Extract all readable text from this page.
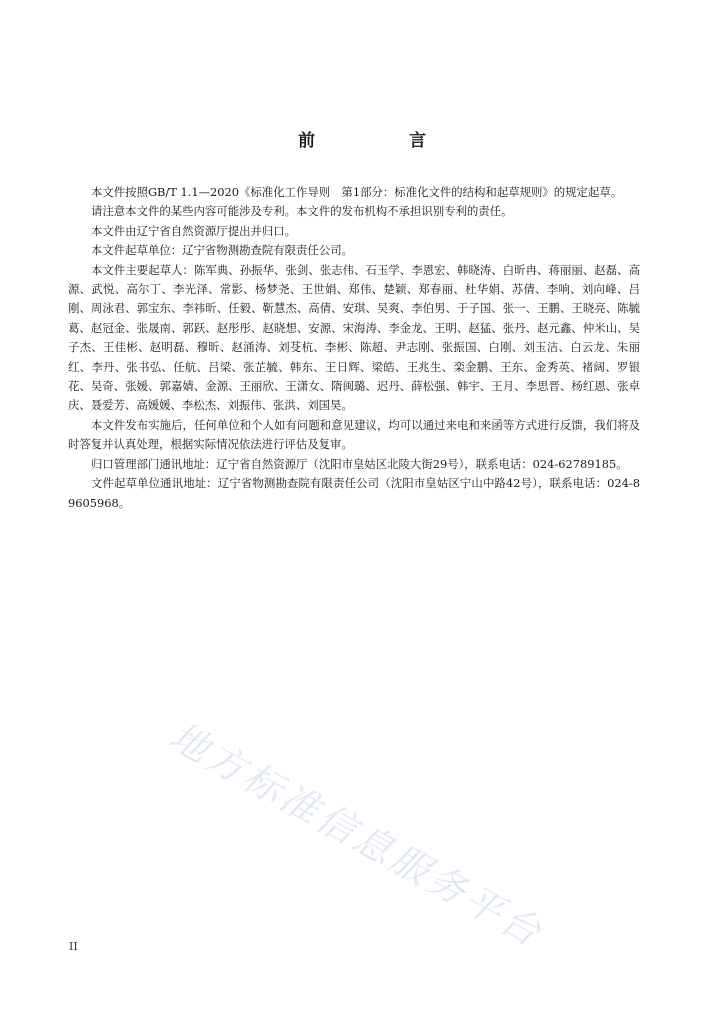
前 言

本文件按照GB/T 1.1—2020《标准化工作导则　第1部分：标准化文件的结构和起草规则》的规定起草。

请注意本文件的某些内容可能涉及专利。本文件的发布机构不承担识别专利的责任。

本文件由辽宁省自然资源厅提出并归口。

本文件起草单位：辽宁省物测勘查院有限责任公司。

本文件主要起草人：陈军典、孙振华、张剑、张志伟、石玉学、李恩宏、韩晓涛、白昕冉、蒋丽丽、赵磊、高源、武悦、高尔丁、李光泽、常影、杨梦尧、王世娟、郑伟、楚颖、郑春丽、杜华娟、苏倩、李响、刘向峰、吕刚、周泳君、郭宝东、李祎昕、任毅、靳慧杰、高倩、安琪、吴爽、李伯男、于子国、张一、王鹏、王晓亮、陈毓葛、赵冠金、张晟南、郭跃、赵彤彤、赵晓想、安源、宋海涛、李金龙、王明、赵猛、张丹、赵元鑫、仲米山、吴子杰、王佳彬、赵明磊、穆昕、赵涌涛、刘芟杭、李彬、陈超、尹志刚、张振国、白刚、刘玉洁、白云龙、朱丽红、李丹、张书弘、任航、吕梁、张芷毓、韩东、王日辉、梁皓、王兆生、栾金鹏、王东、金秀英、褚阔、罗银花、吴奇、张媛、郭嘉婧、金源、王丽欣、王潇女、隋闽璐、迟丹、薛松强、韩宇、王月、李思晋、杨红恩、张卓庆、聂爱芳、高媛媛、李松杰、刘振伟、张洪、刘国昊。

本文件发布实施后，任何单位和个人如有问题和意见建议，均可以通过来电和来函等方式进行反馈，我们将及时答复并认真处理，根据实际情况依法进行评估及复审。

归口管理部门通讯地址：辽宁省自然资源厅（沈阳市皇姑区北陵大街29号），联系电话：024-62789185。

文件起草单位通讯地址：辽宁省物测勘查院有限责任公司（沈阳市皇姑区宁山中路42号），联系电话：024-89605968。

地方标准信息服务平台
II
